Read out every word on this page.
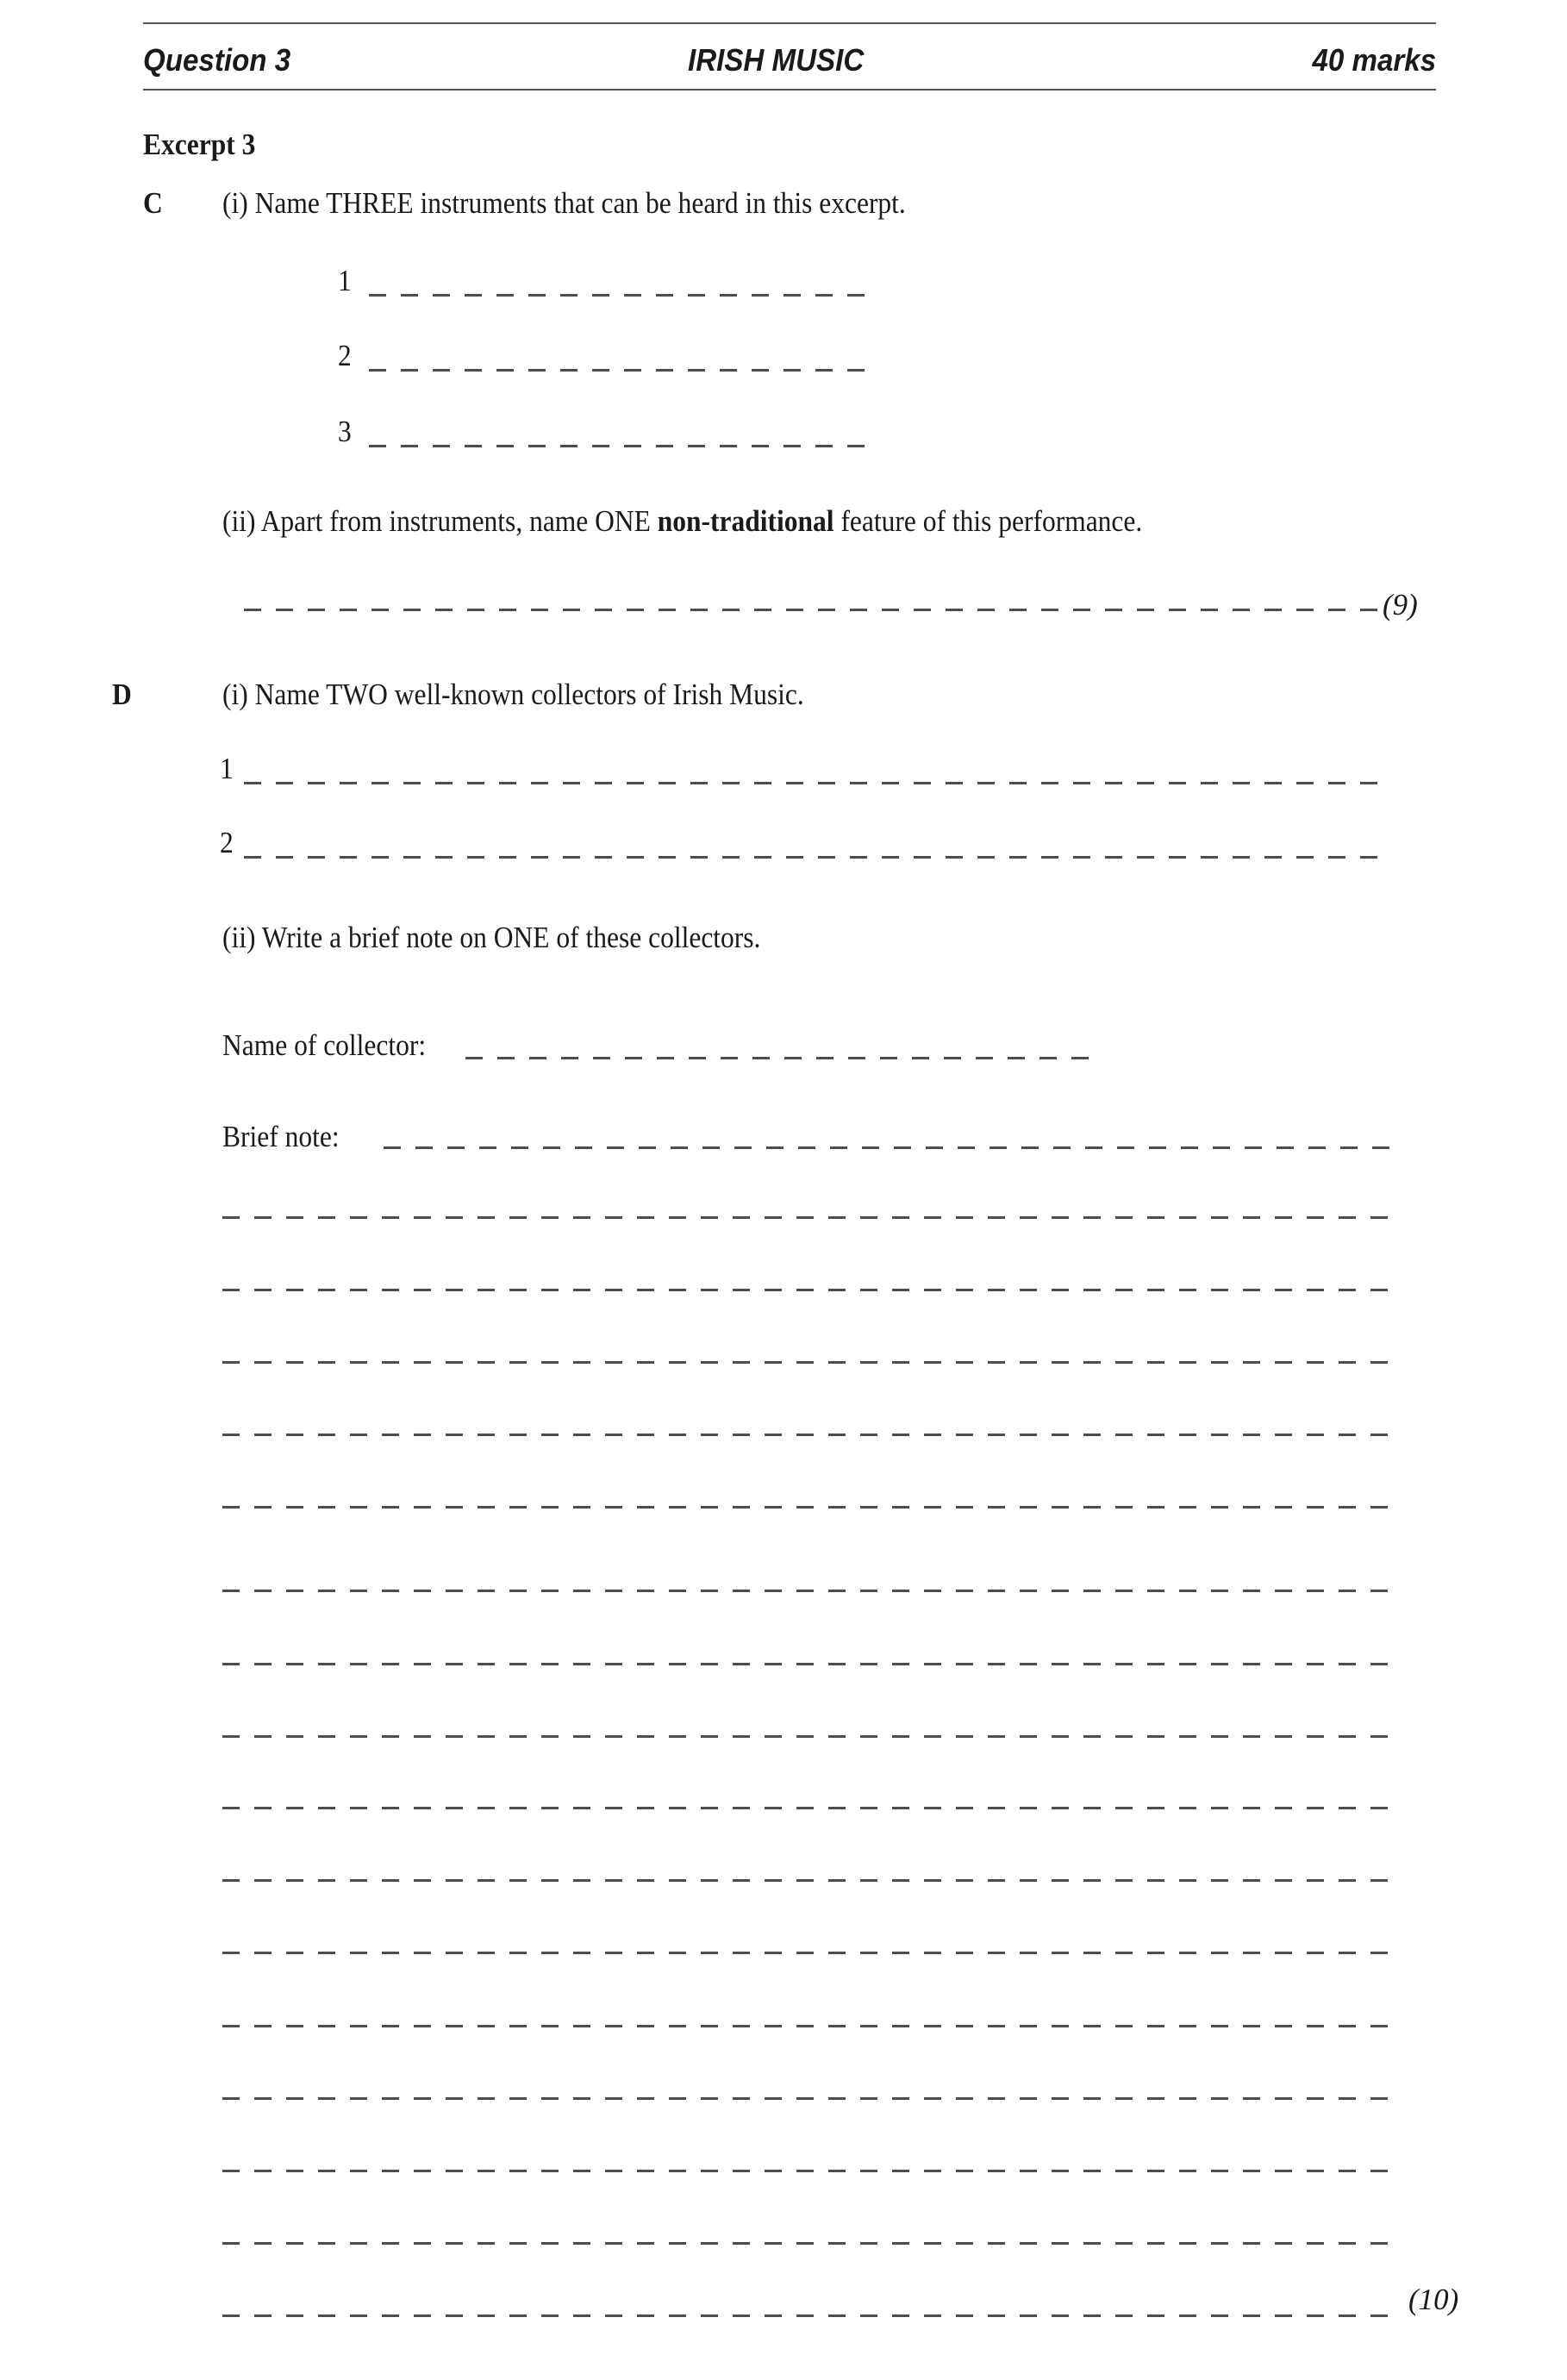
Question 3	IRISH MUSIC	40 marks
Excerpt 3
C (i) Name THREE instruments that can be heard in this excerpt.
1
2
3
(ii) Apart from instruments, name ONE non-traditional feature of this performance.
(9)
D	(i) Name TWO well-known collectors of Irish Music.
1
2
(ii) Write a brief note on ONE of these collectors.
Name of collector:
Brief note:
(10)
